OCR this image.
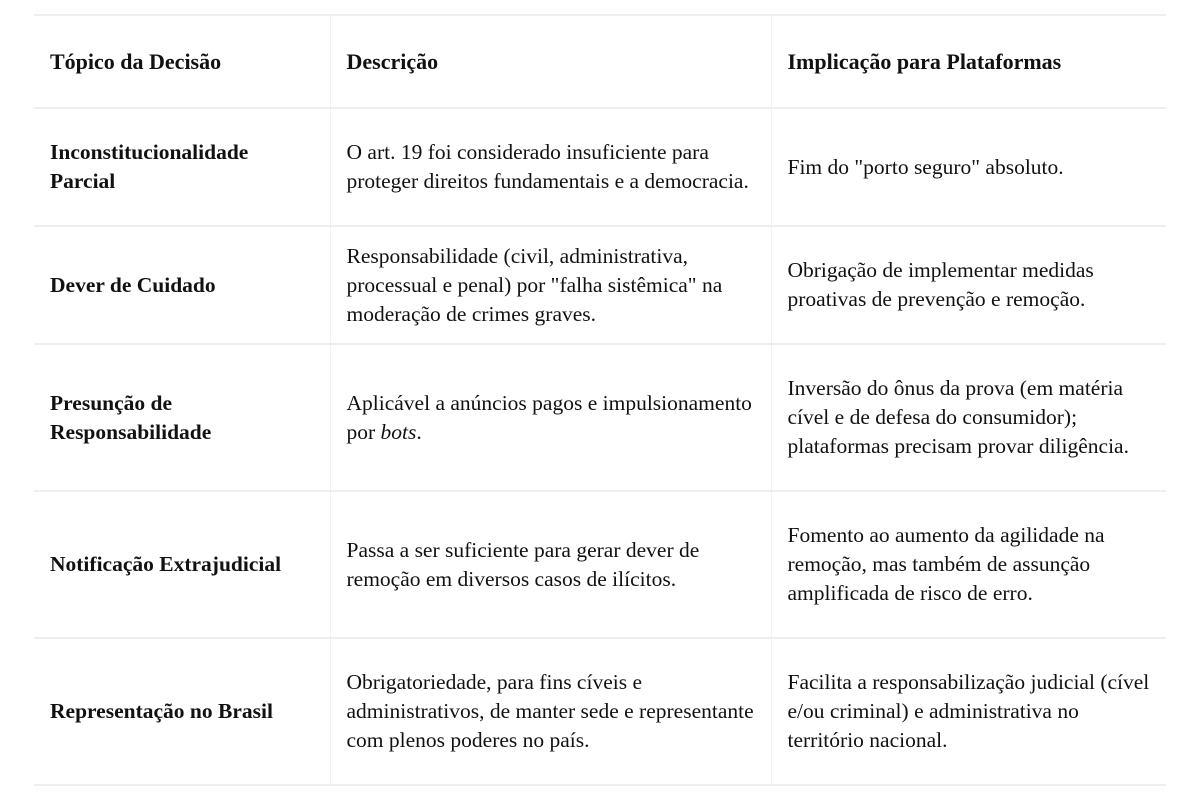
Tópico da Decisão	Descrição	Implicação para Plataformas
Inconstitucionalidade Parcial	O art. 19 foi considerado insuficiente para proteger direitos fundamentais e a democracia.	Fim do "porto seguro" absoluto.
Dever de Cuidado	Responsabilidade (civil, administrativa, processual e penal) por "falha sistêmica" na moderação de crimes graves.	Obrigação de implementar medidas proativas de prevenção e remoção.
Presunção de Responsabilidade	Aplicável a anúncios pagos e impulsionamento por bots.	Inversão do ônus da prova (em matéria cível e de defesa do consumidor); plataformas precisam provar diligência.
Notificação Extrajudicial	Passa a ser suficiente para gerar dever de remoção em diversos casos de ilícitos.	Fomento ao aumento da agilidade na remoção, mas também de assunção amplificada de risco de erro.
Representação no Brasil	Obrigatoriedade, para fins cíveis e administrativos, de manter sede e representante com plenos poderes no país.	Facilita a responsabilização judicial (cível e/ou criminal) e administrativa no território nacional.
